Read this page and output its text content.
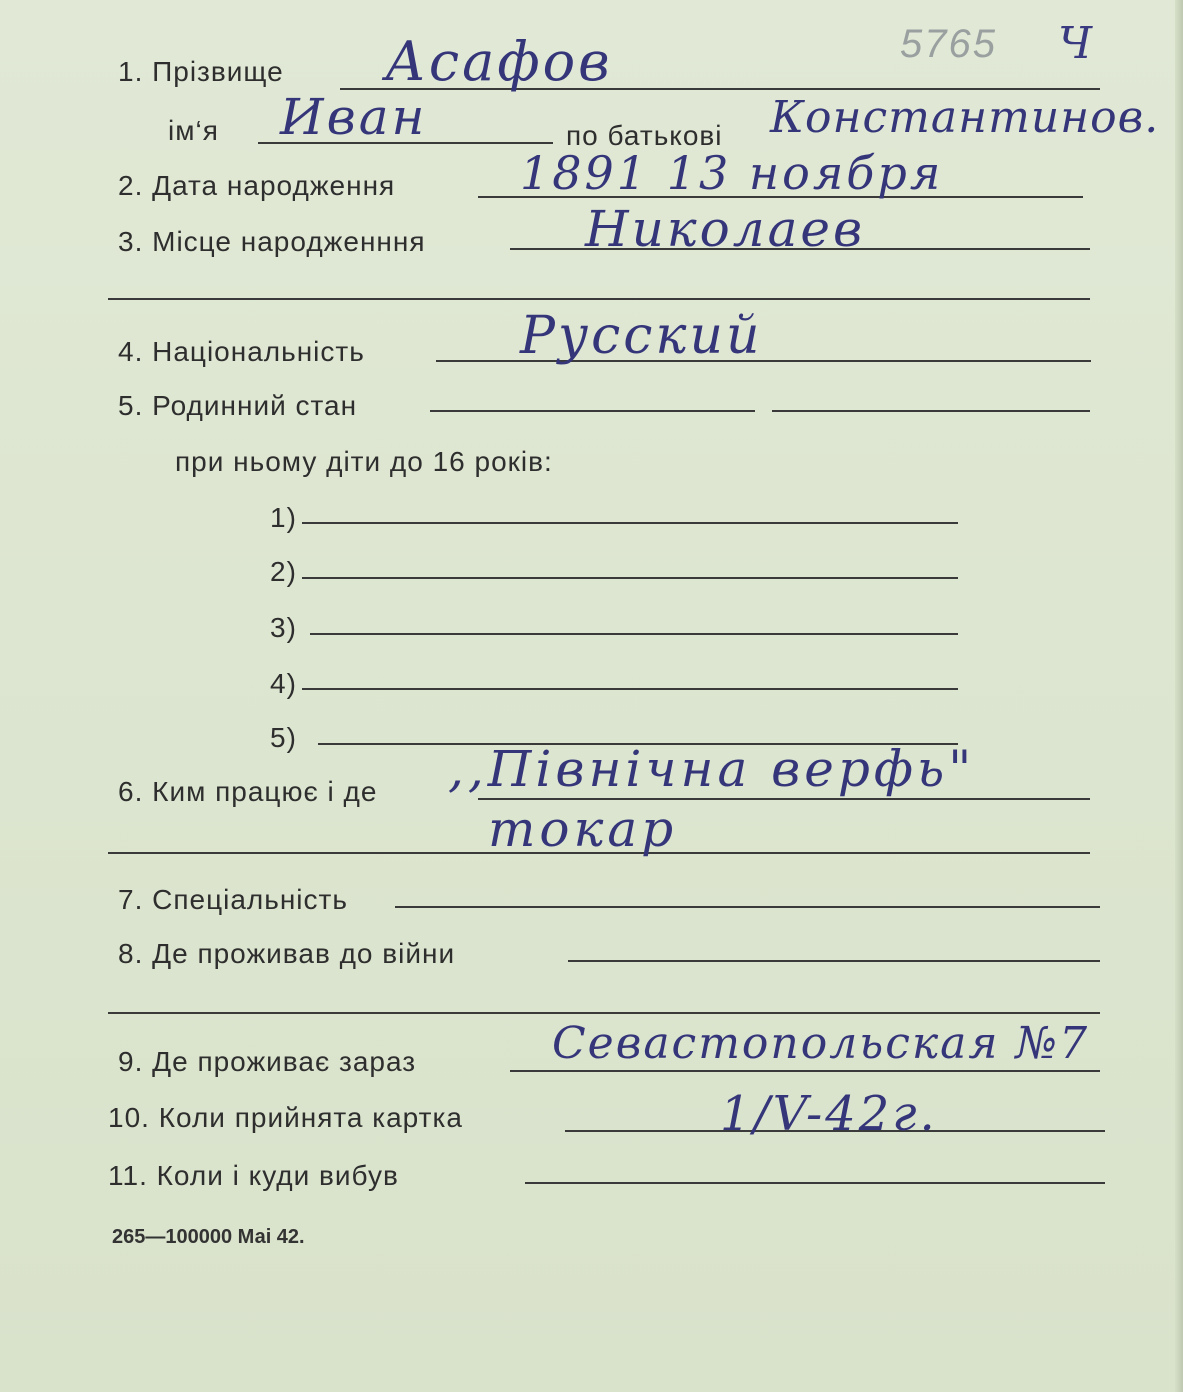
5765 Ч
1. Прізвище Асафов
ім‘я Иван	по батькові Константинов.
2. Дата народження	1891 13 ноября
3. Місце народженння	Николаев
4. Національність	Русский
5. Родинний стан
при ньому діти до 16 років:
1)
2)
3)
4)
5)
6. Ким працює і де ,,Північна верфь"
токар
7. Спеціальність
8. Де проживав до війни
9. Де проживає зараз	Севастопольская №7
10. Коли прийнята картка	1/V-42г.
11. Коли і куди вибув
265—100000 Маі 42.
